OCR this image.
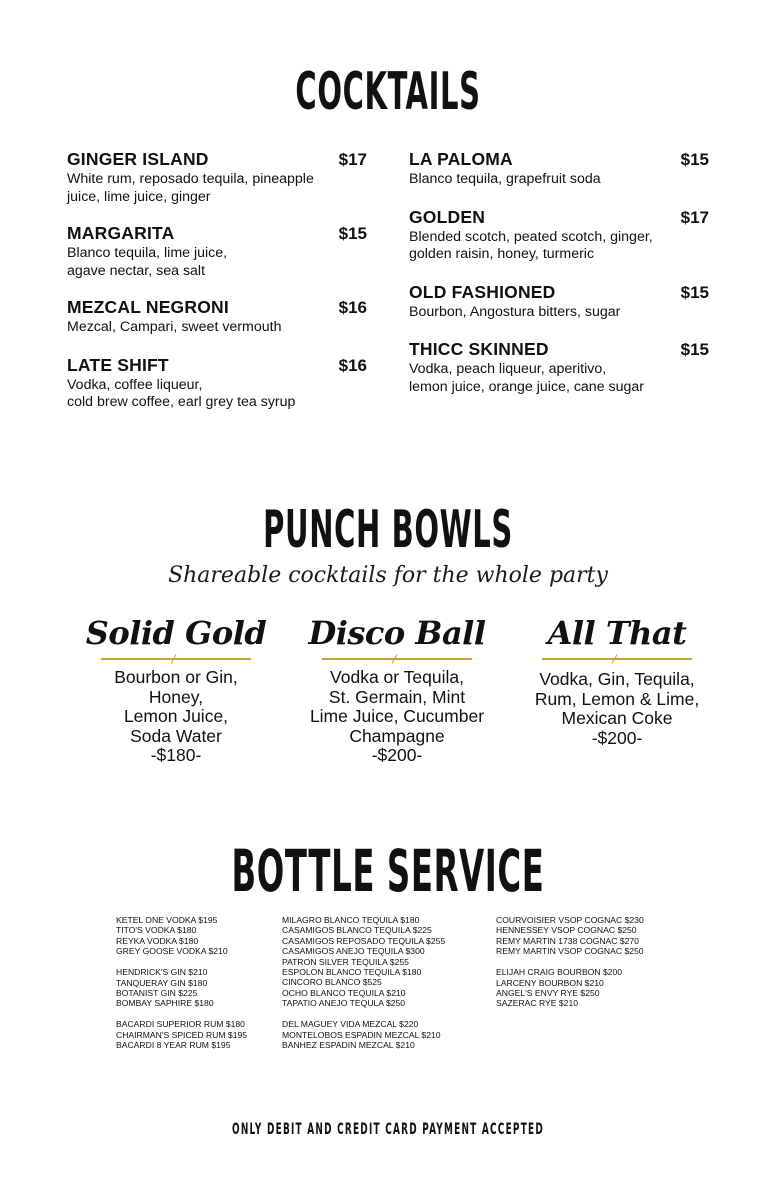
COCKTAILS
GINGER ISLAND	$17
White rum, reposado tequila, pineapple
juice, lime juice, ginger
MARGARITA	$15
Blanco tequila, lime juice,
agave nectar, sea salt
MEZCAL NEGRONI	$16
Mezcal, Campari, sweet vermouth
LATE SHIFT	$16
Vodka, coffee liqueur,
cold brew coffee, earl grey tea syrup
LA PALOMA	$15
Blanco tequila, grapefruit soda
GOLDEN	$17
Blended scotch, peated scotch, ginger,
golden raisin, honey, turmeric
OLD FASHIONED	$15
Bourbon, Angostura bitters, sugar
THICC SKINNED	$15
Vodka, peach liqueur, aperitivo,
lemon juice, orange juice, cane sugar
PUNCH BOWLS
Shareable cocktails for the whole party
Solid Gold
Bourbon or Gin,
Honey,
Lemon Juice,
Soda Water
-$180-
Disco Ball
Vodka or Tequila,
St. Germain, Mint
Lime Juice, Cucumber
Champagne
-$200-
All That
Vodka, Gin, Tequila,
Rum, Lemon & Lime,
Mexican Coke
-$200-
BOTTLE SERVICE
KETEL ONE VODKA $195
TITO'S VODKA $180
REYKA VODKA $180
GREY GOOSE VODKA $210
HENDRICK'S GIN $210
TANQUERAY GIN $180
BOTANIST GIN $225
BOMBAY SAPHIRE $180
BACARDI SUPERIOR RUM $180
CHAIRMAN'S SPICED RUM $195
BACARDI 8 YEAR RUM $195
MILAGRO BLANCO TEQUILA $180
CASAMIGOS BLANCO TEQUILA $225
CASAMIGOS REPOSADO TEQUILA $255
CASAMIGOS ANEJO TEQUILA $300
PATRON SILVER TEQUILA $255
ESPOLON BLANCO TEQUILA $180
CINCORO BLANCO $525
OCHO BLANCO TEQUILA $210
TAPATIO ANEJO TEQULA $250
DEL MAGUEY VIDA MEZCAL $220
MONTELOBOS ESPADIN MEZCAL $210
BANHEZ ESPADIN MEZCAL $210
COURVOISIER VSOP COGNAC $230
HENNESSEY VSOP COGNAC $250
REMY MARTIN 1738 COGNAC $270
REMY MARTIN VSOP COGNAC $250
ELIJAH CRAIG BOURBON $200
LARCENY BOURBON $210
ANGEL'S ENVY RYE $250
SAZERAC RYE $210
ONLY DEBIT AND CREDIT CARD PAYMENT ACCEPTED
